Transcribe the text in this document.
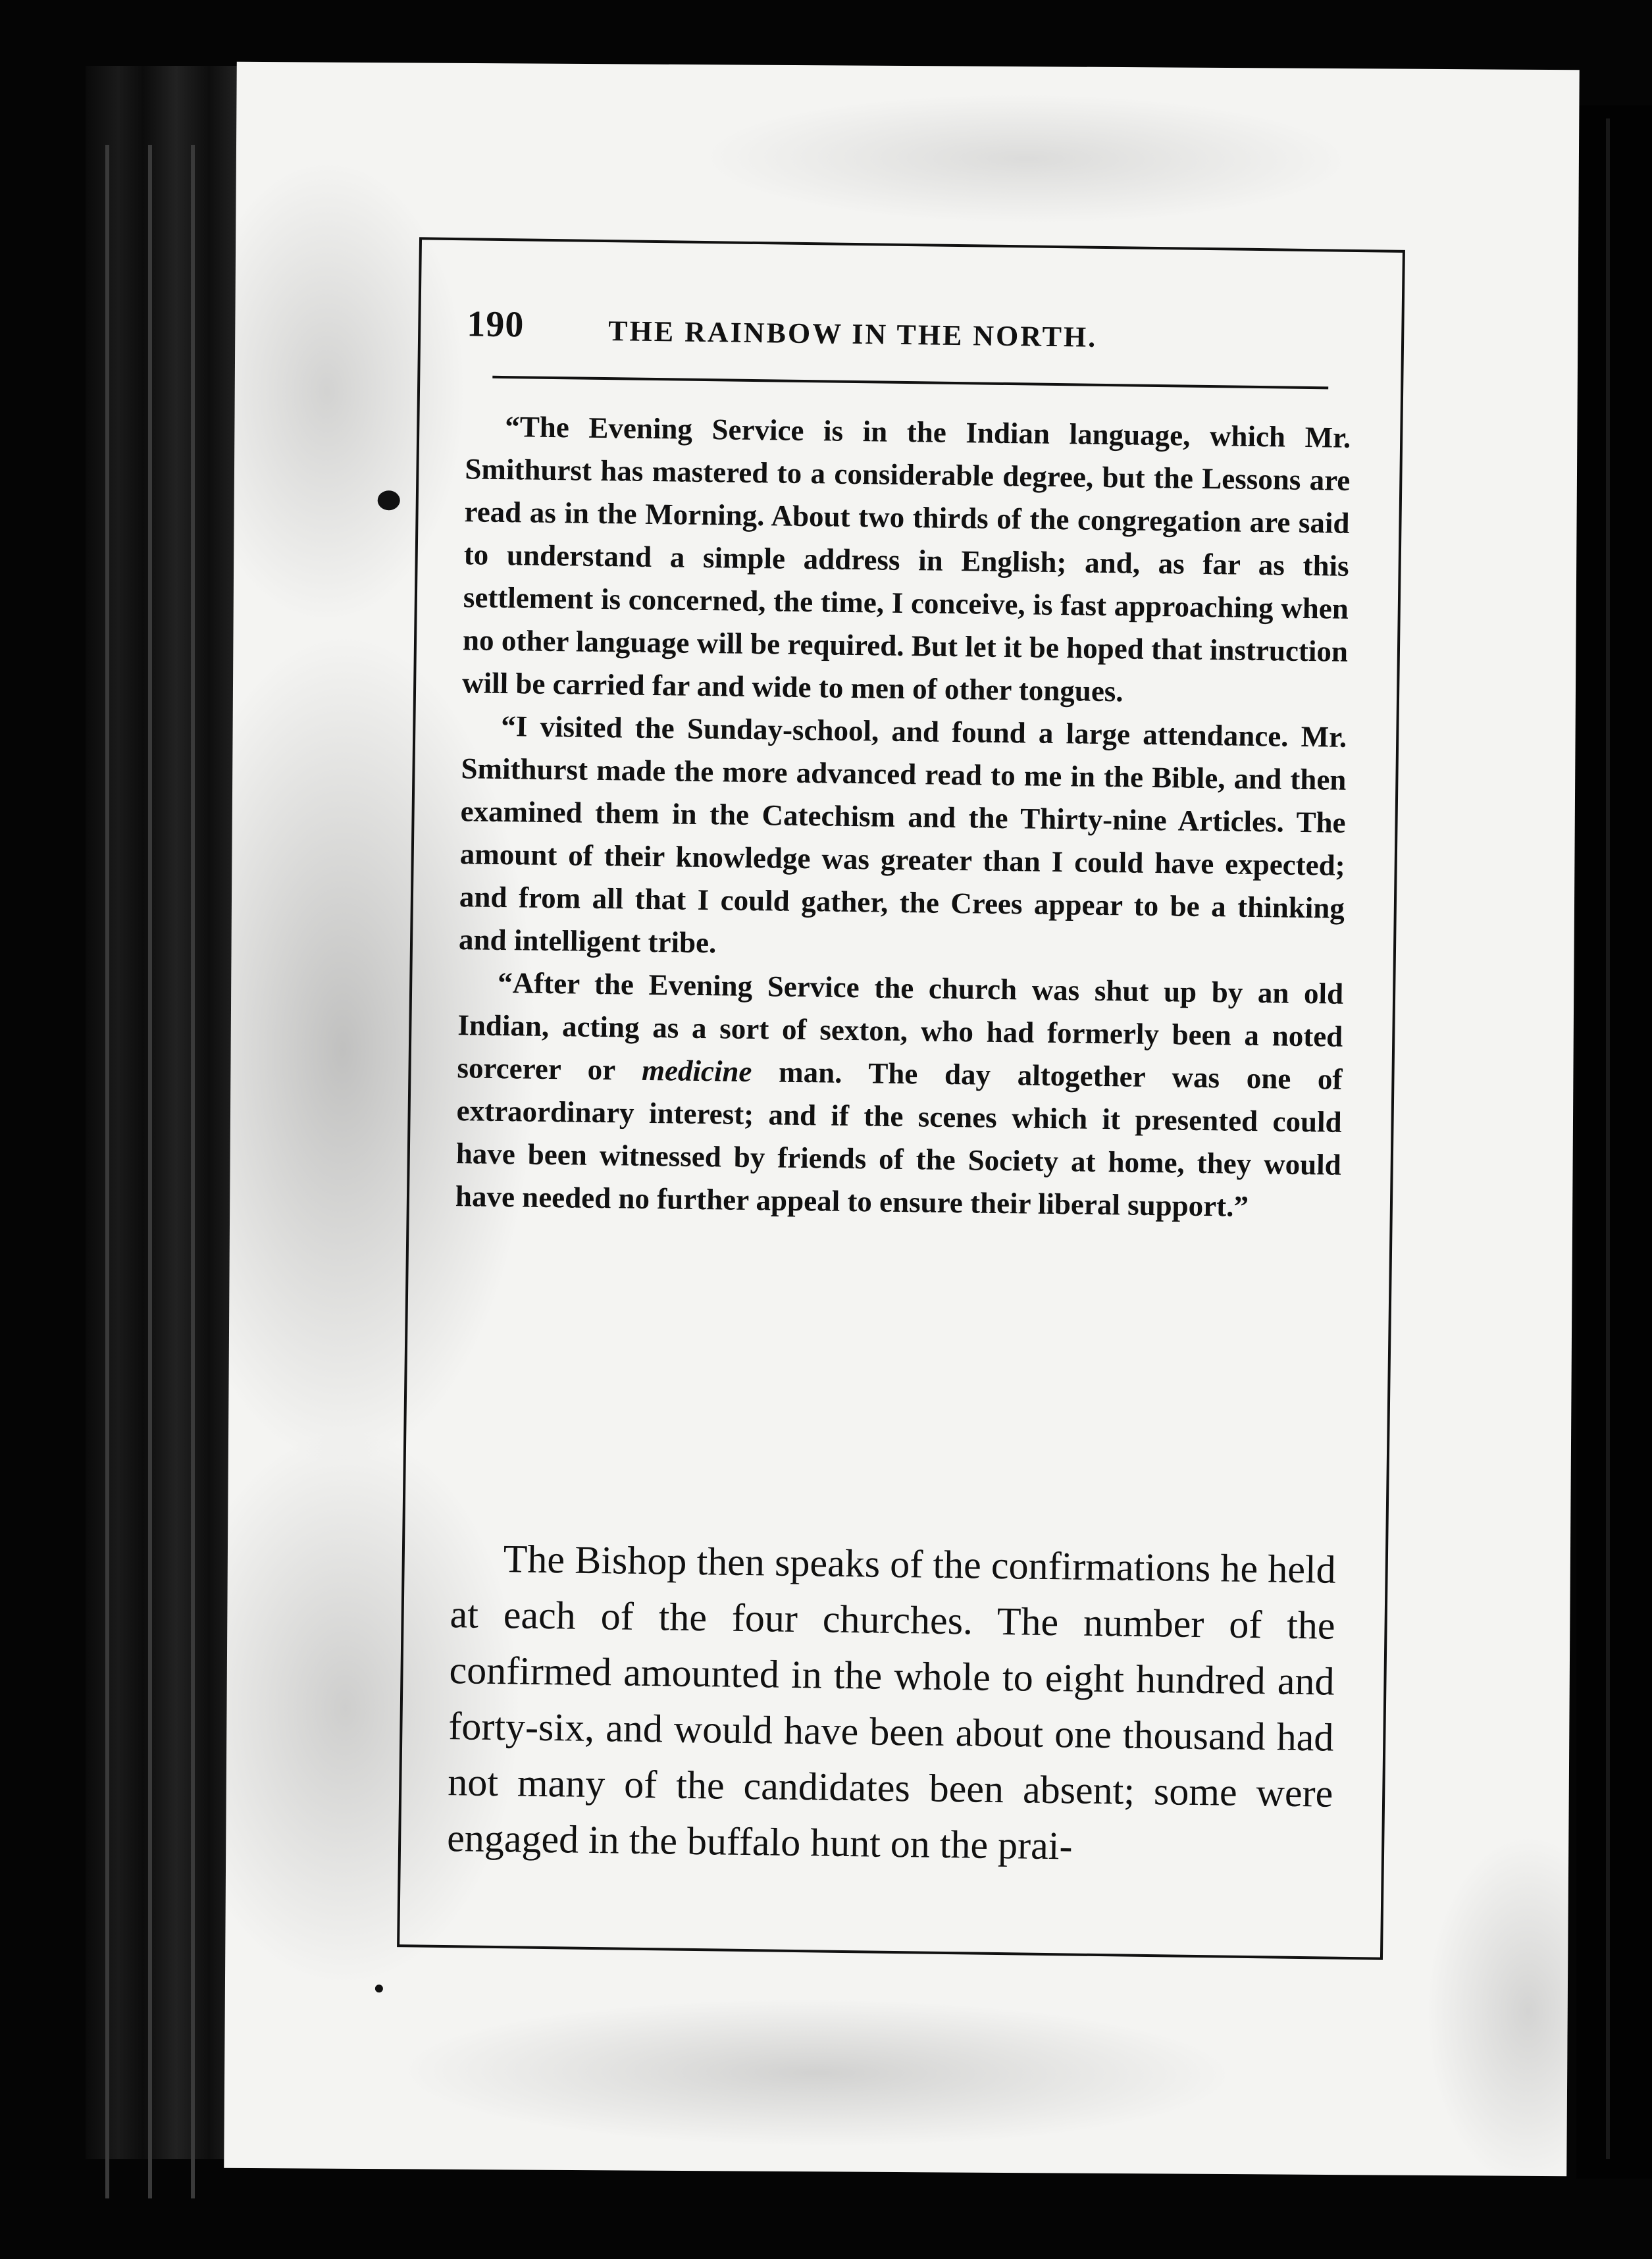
190	THE RAINBOW IN THE NORTH.

“The Evening Service is in the Indian language, which Mr. Smithurst has mastered to a considerable degree, but the Lessons are read as in the Morning. About two thirds of the congregation are said to understand a simple address in English; and, as far as this settlement is concerned, the time, I conceive, is fast approaching when no other language will be required. But let it be hoped that instruction will be carried far and wide to men of other tongues.

“I visited the Sunday-school, and found a large attendance. Mr. Smithurst made the more advanced read to me in the Bible, and then examined them in the Catechism and the Thirty-nine Articles. The amount of their knowledge was greater than I could have expected; and from all that I could gather, the Crees appear to be a thinking and intelligent tribe.

“After the Evening Service the church was shut up by an old Indian, acting as a sort of sexton, who had formerly been a noted sorcerer or medicine man. The day altogether was one of extraordinary interest; and if the scenes which it presented could have been witnessed by friends of the Society at home, they would have needed no further appeal to ensure their liberal support.”

The Bishop then speaks of the confirmations he held at each of the four churches. The number of the confirmed amounted in the whole to eight hundred and forty-six, and would have been about one thousand had not many of the candidates been absent; some were engaged in the buffalo hunt on the prai-
